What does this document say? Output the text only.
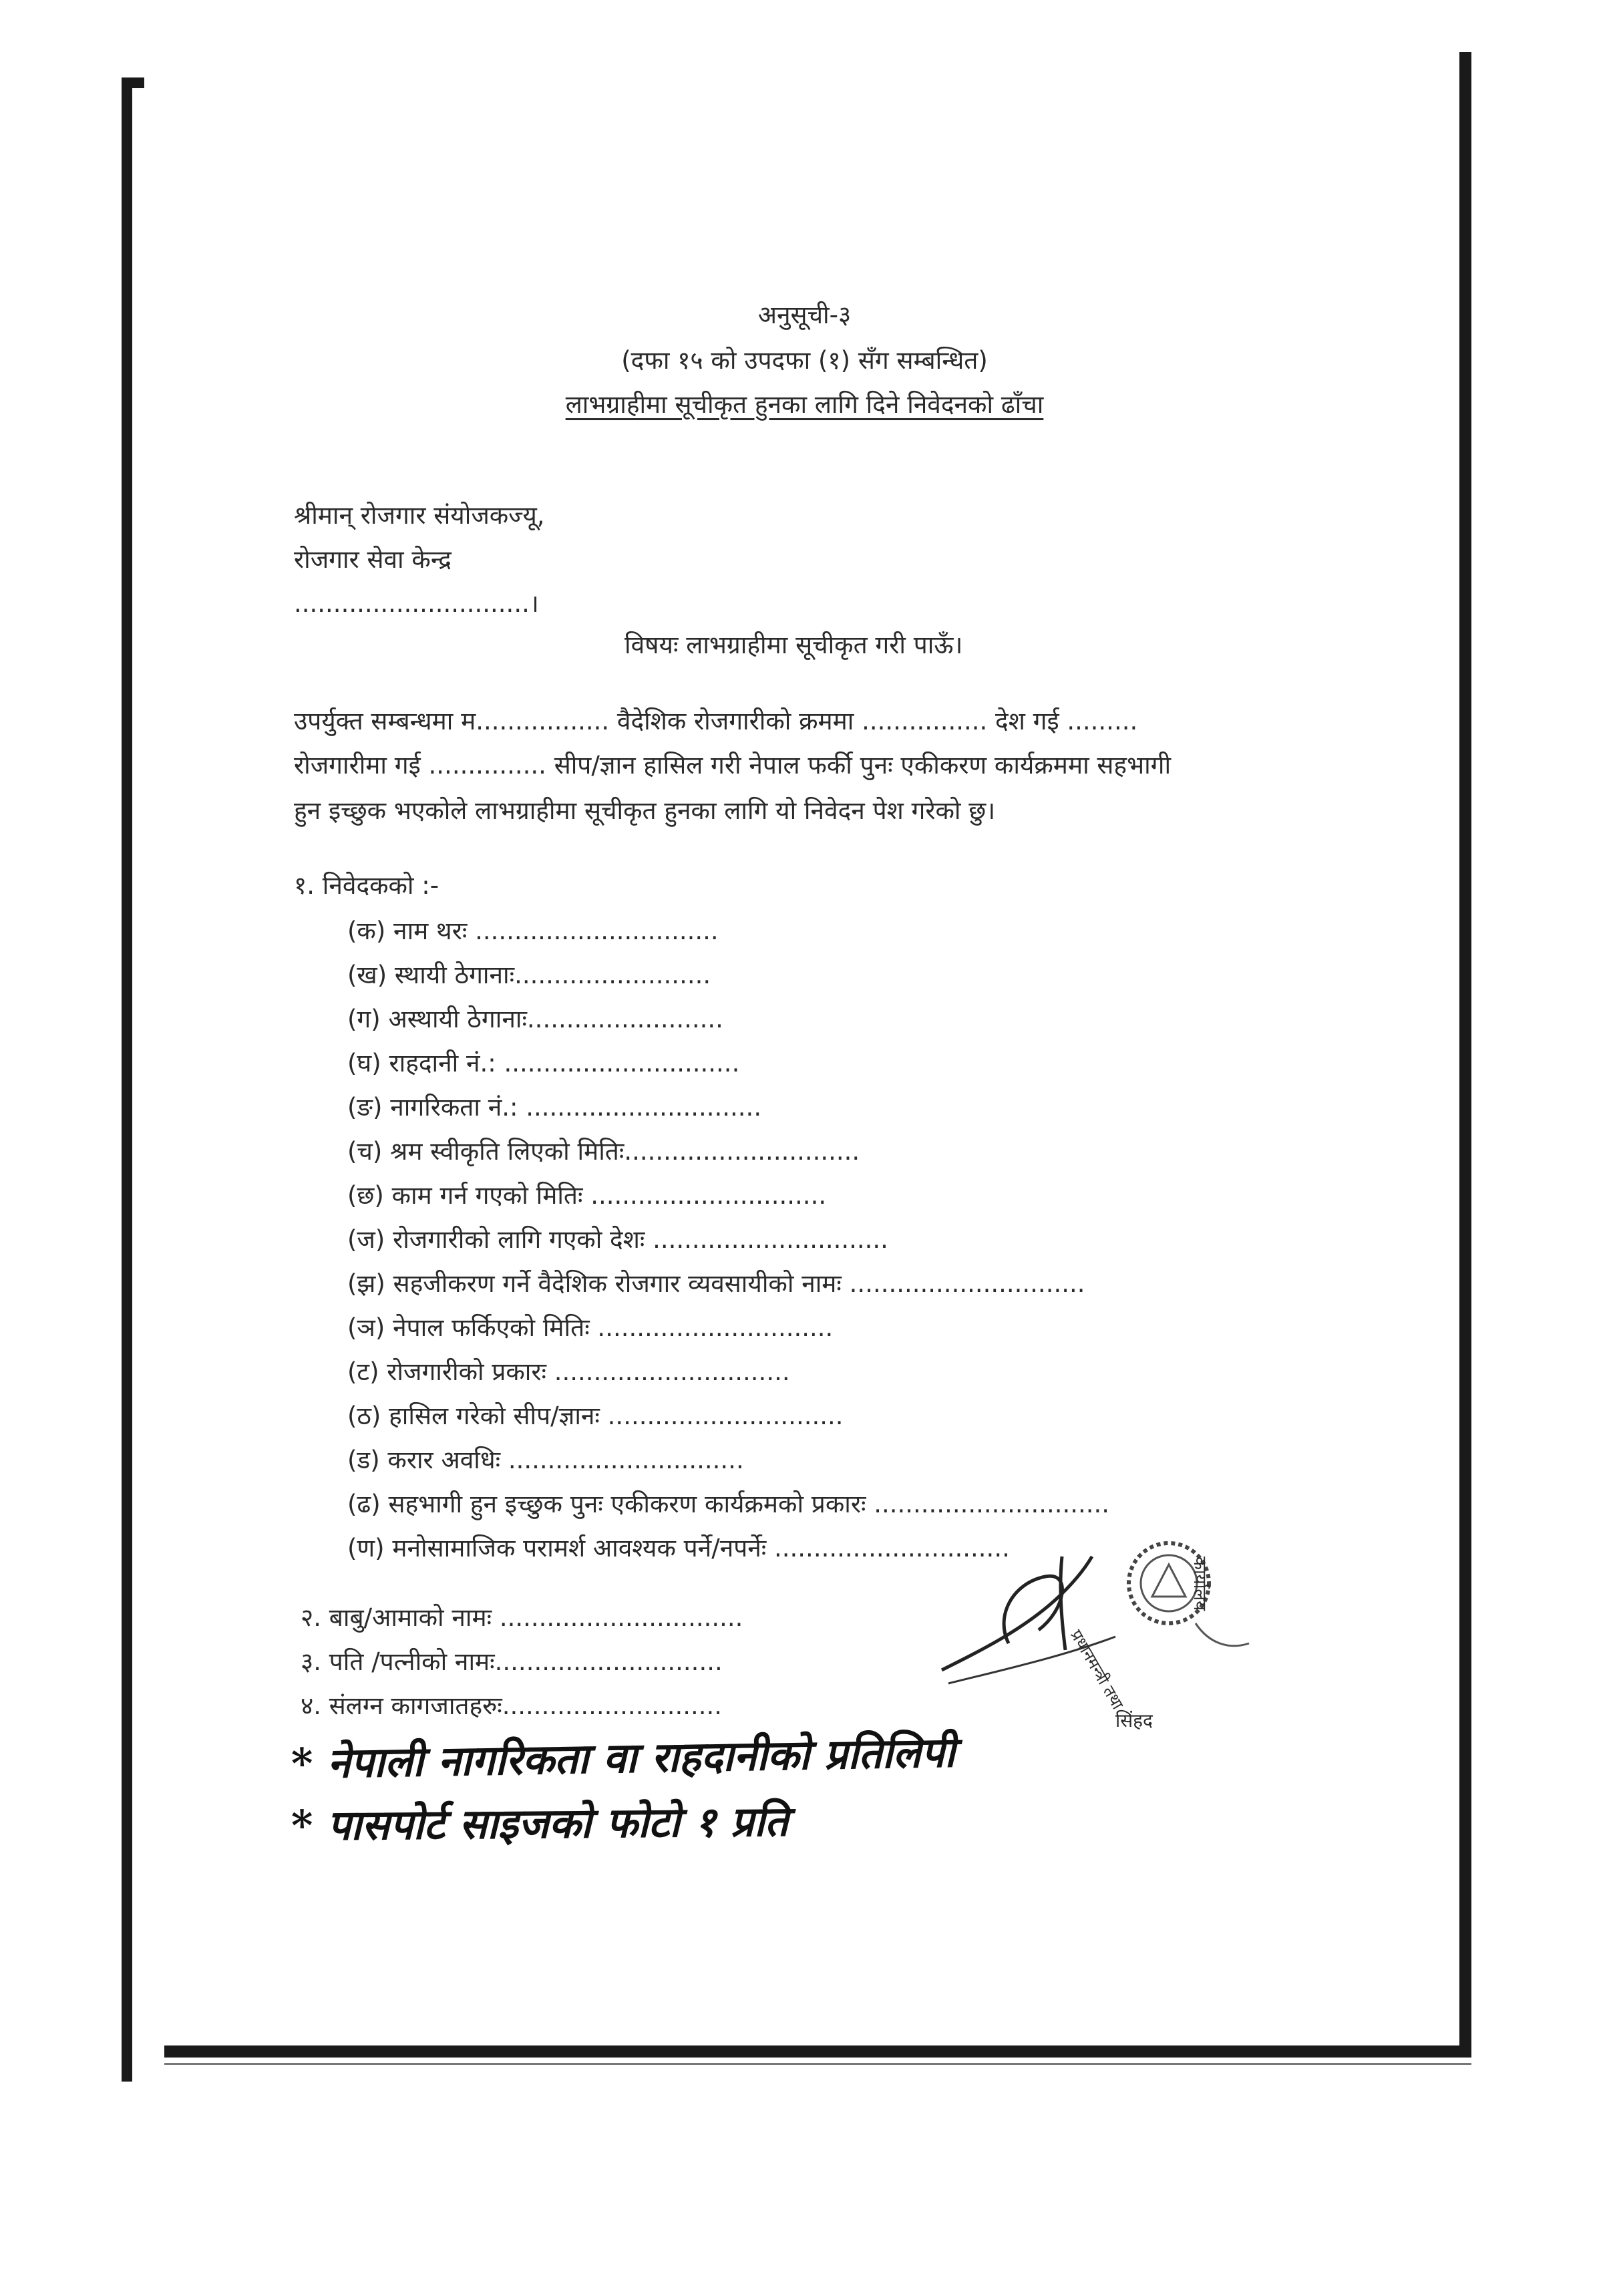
अनुसूची-३
(दफा १५ को उपदफा (१) सँग सम्बन्धित)
लाभग्राहीमा सूचीकृत हुनका लागि दिने निवेदनको ढाँचा
श्रीमान् रोजगार संयोजकज्यू,
रोजगार सेवा केन्द्र
..............................।
विषयः लाभग्राहीमा सूचीकृत गरी पाऊँ।
उपर्युक्त सम्बन्धमा म................. वैदेशिक रोजगारीको क्रममा ................ देश गई .........
रोजगारीमा गई ............... सीप/ज्ञान हासिल गरी नेपाल फर्की पुनः एकीकरण कार्यक्रममा सहभागी
हुन इच्छुक भएकोले लाभग्राहीमा सूचीकृत हुनका लागि यो निवेदन पेश गरेको छु।
१. निवेदकको :-
(क) नाम थरः ...............................
(ख) स्थायी ठेगानाः.........................
(ग) अस्थायी ठेगानाः.........................
(घ) राहदानी नं.: ..............................
(ङ) नागरिकता नं.: ..............................
(च) श्रम स्वीकृति लिएको मितिः..............................
(छ) काम गर्न गएको मितिः ..............................
(ज) रोजगारीको लागि गएको देशः ..............................
(झ) सहजीकरण गर्ने वैदेशिक रोजगार व्यवसायीको नामः ..............................
(ञ) नेपाल फर्किएको मितिः ..............................
(ट) रोजगारीको प्रकारः ..............................
(ठ) हासिल गरेको सीप/ज्ञानः ..............................
(ड) करार अवधिः ..............................
(ढ) सहभागी हुन इच्छुक पुनः एकीकरण कार्यक्रमको प्रकारः ..............................
(ण) मनोसामाजिक परामर्श आवश्यक पर्ने/नपर्नेः ..............................
२. बाबु/आमाको नामः ...............................
३. पति /पत्नीको नामः.............................
४. संलग्न कागजातहरुः............................
* नेपाली नागरिकता वा राहदानीको प्रतिलिपी
* पासपोर्ट साइजको फोटो १ प्रति
कार्यालय
प्रधानमन्त्री तथा
सिंहद
